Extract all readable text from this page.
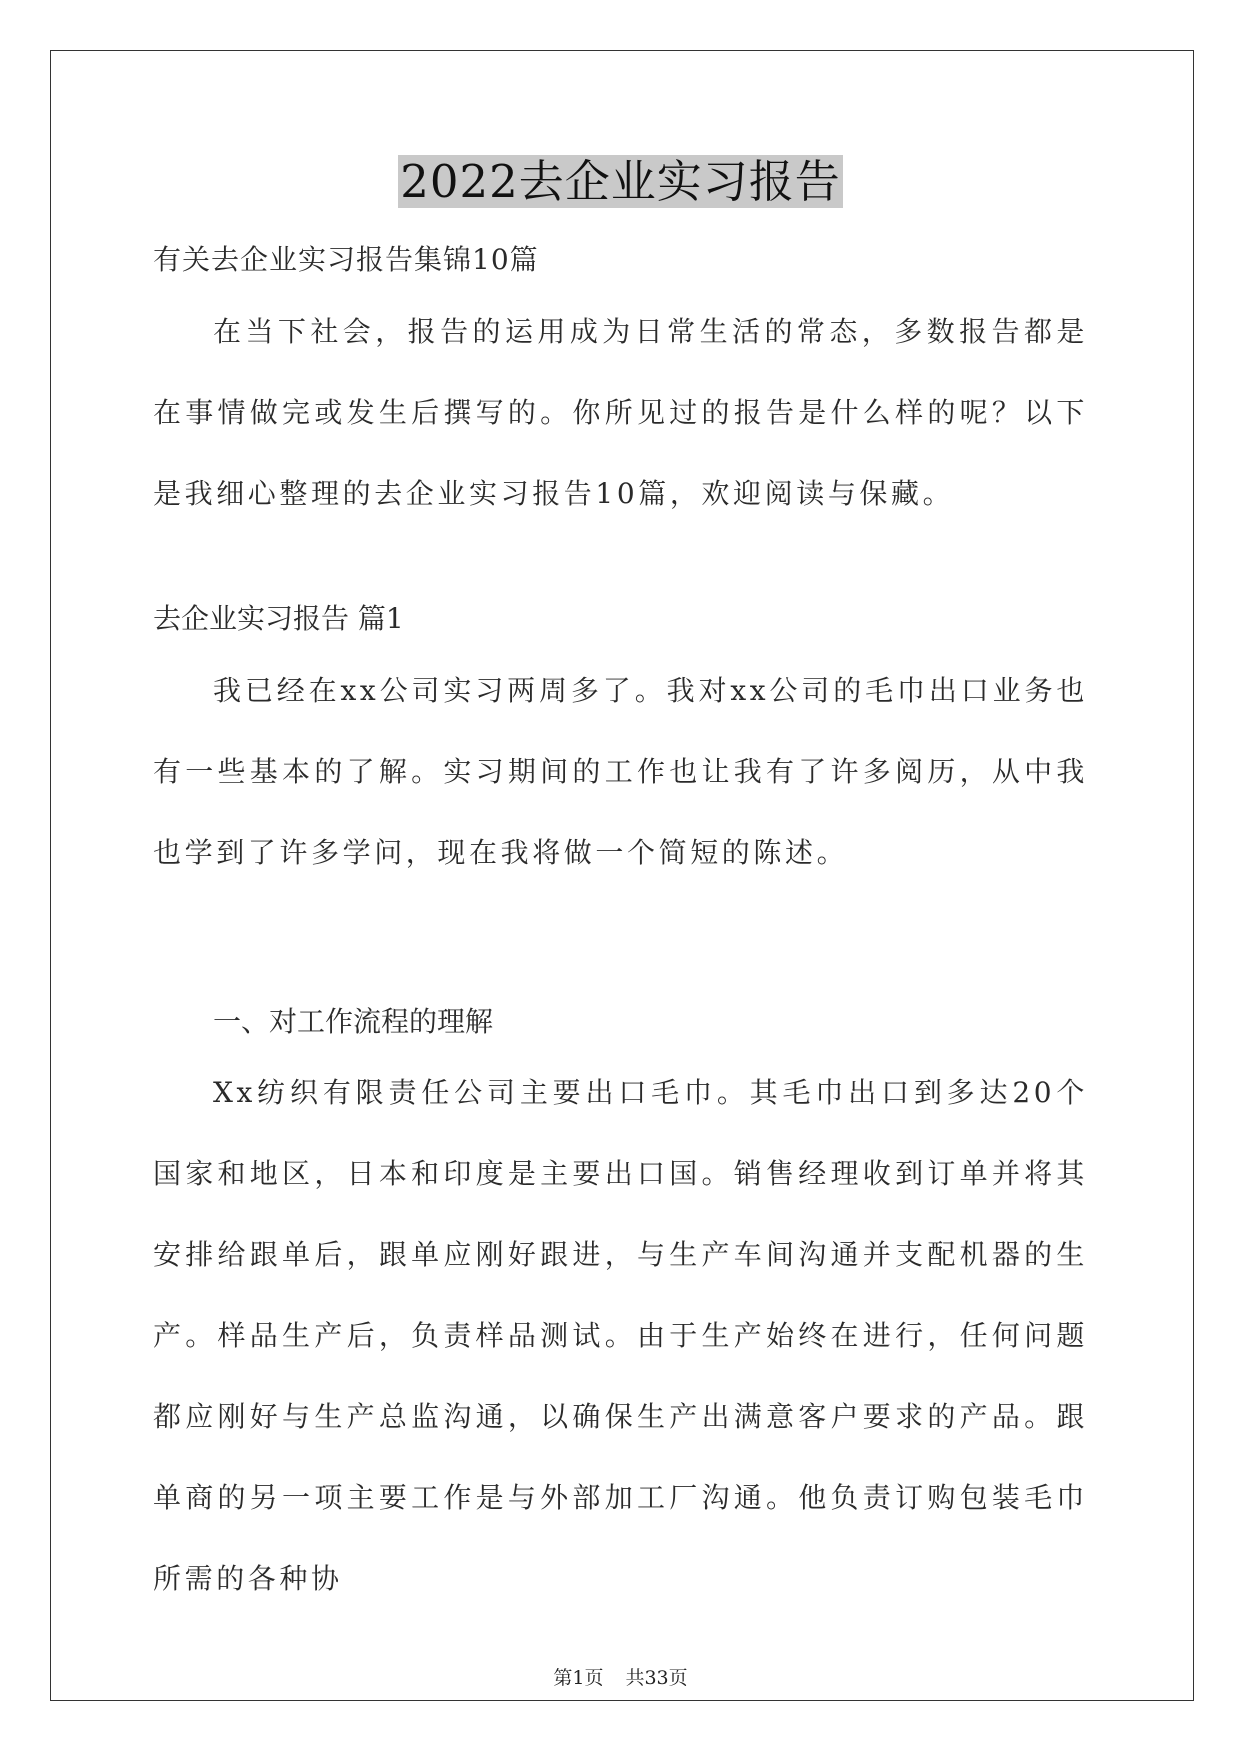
2022去企业实习报告
有关去企业实习报告集锦10篇
在当下社会，报告的运用成为日常生活的常态，多数报告都是在事情做完或发生后撰写的。你所见过的报告是什么样的呢？以下是我细心整理的去企业实习报告10篇，欢迎阅读与保藏。
去企业实习报告 篇1
我已经在xx公司实习两周多了。我对xx公司的毛巾出口业务也有一些基本的了解。实习期间的工作也让我有了许多阅历，从中我也学到了许多学问，现在我将做一个简短的陈述。
一、对工作流程的理解
Xx纺织有限责任公司主要出口毛巾。其毛巾出口到多达20个国家和地区，日本和印度是主要出口国。销售经理收到订单并将其安排给跟单后，跟单应刚好跟进，与生产车间沟通并支配机器的生产。样品生产后，负责样品测试。由于生产始终在进行，任何问题都应刚好与生产总监沟通，以确保生产出满意客户要求的产品。跟单商的另一项主要工作是与外部加工厂沟通。他负责订购包装毛巾所需的各种协
第1页 共33页
